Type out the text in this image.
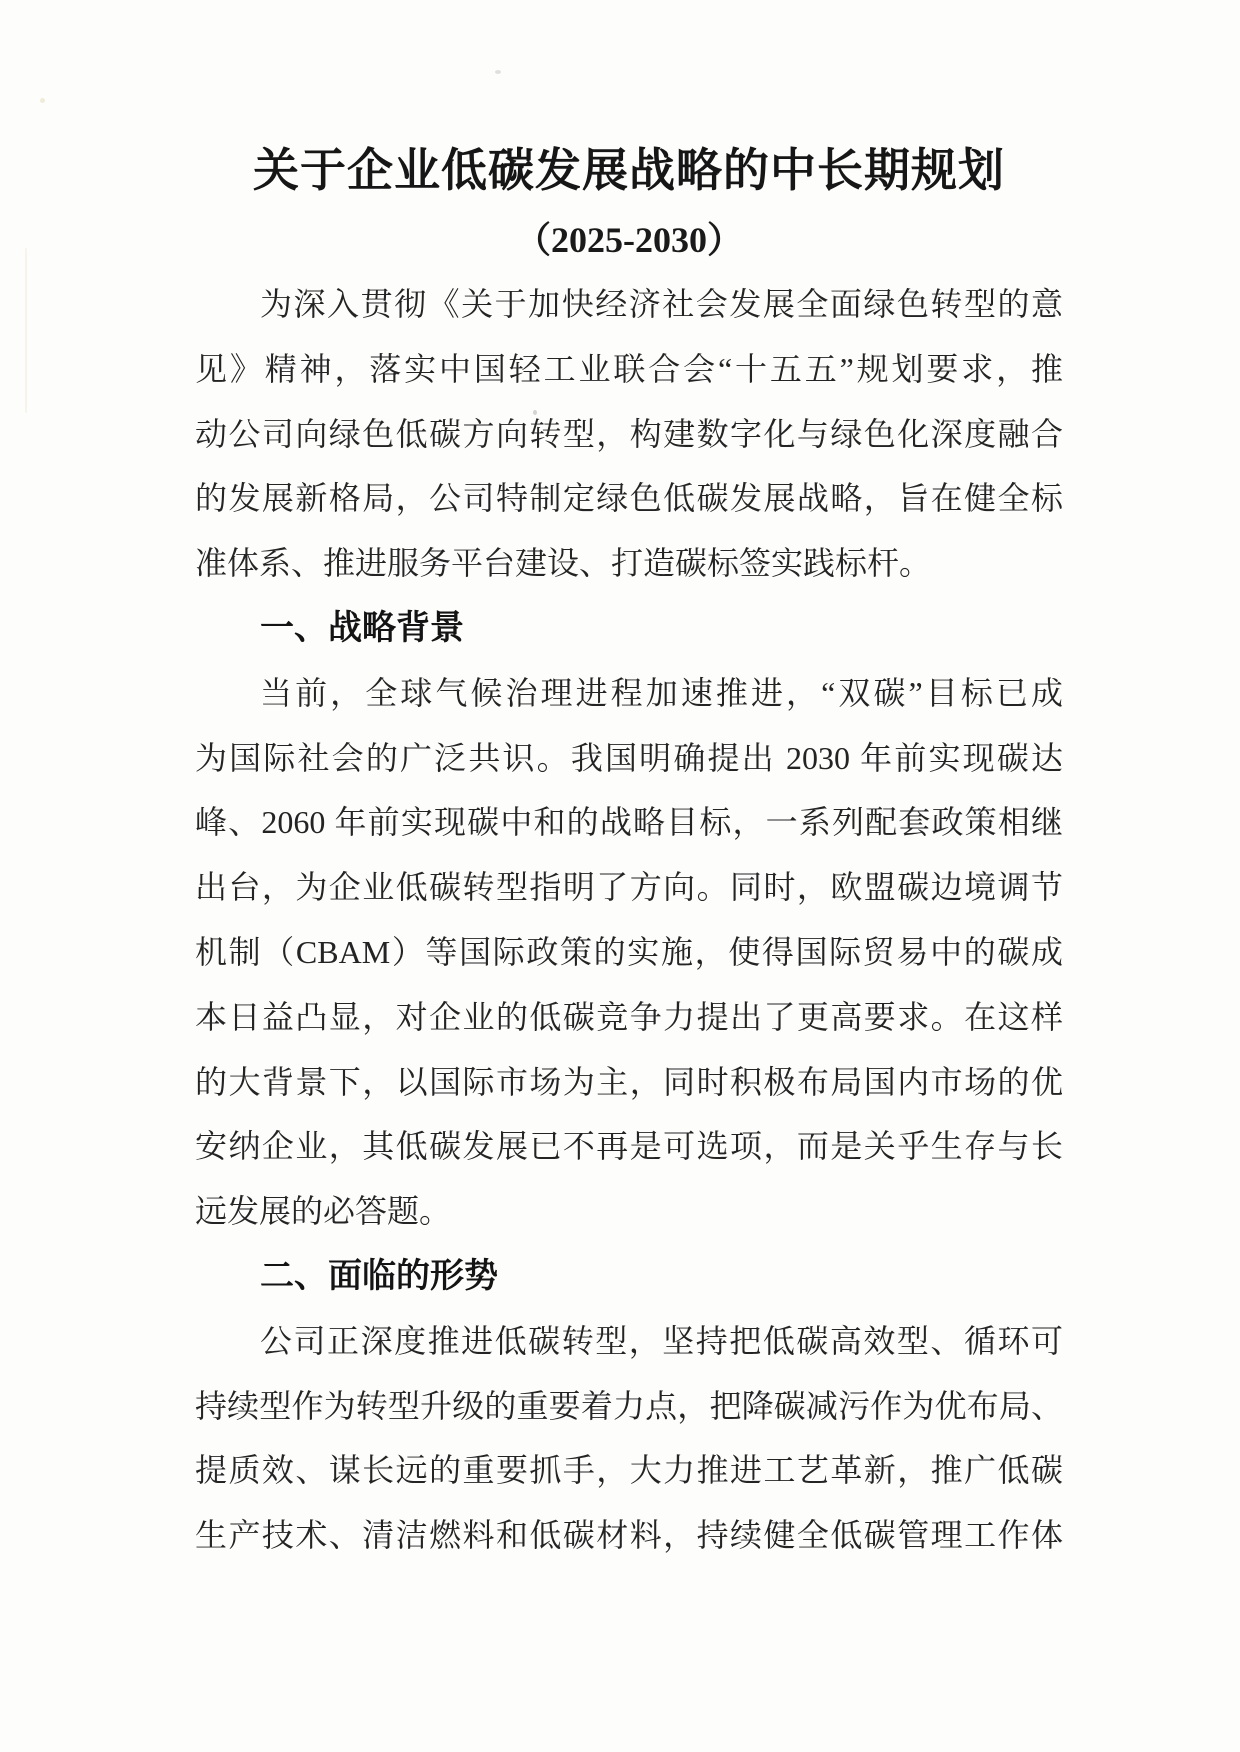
关于企业低碳发展战略的中长期规划
（2025-2030）
为深入贯彻《关于加快经济社会发展全面绿色转型的意
见》精神，落实中国轻工业联合会“十五五”规划要求，推
动公司向绿色低碳方向转型，构建数字化与绿色化深度融合
的发展新格局，公司特制定绿色低碳发展战略，旨在健全标
准体系、推进服务平台建设、打造碳标签实践标杆。
一、战略背景
当前，全球气候治理进程加速推进，“双碳”目标已成
为国际社会的广泛共识。我国明确提出 2030 年前实现碳达
峰、2060 年前实现碳中和的战略目标，一系列配套政策相继
出台，为企业低碳转型指明了方向。同时，欧盟碳边境调节
机制（CBAM）等国际政策的实施，使得国际贸易中的碳成
本日益凸显，对企业的低碳竞争力提出了更高要求。在这样
的大背景下，以国际市场为主，同时积极布局国内市场的优
安纳企业，其低碳发展已不再是可选项，而是关乎生存与长
远发展的必答题。
二、面临的形势
公司正深度推进低碳转型，坚持把低碳高效型、循环可
持续型作为转型升级的重要着力点，把降碳减污作为优布局、
提质效、谋长远的重要抓手，大力推进工艺革新，推广低碳
生产技术、清洁燃料和低碳材料，持续健全低碳管理工作体
